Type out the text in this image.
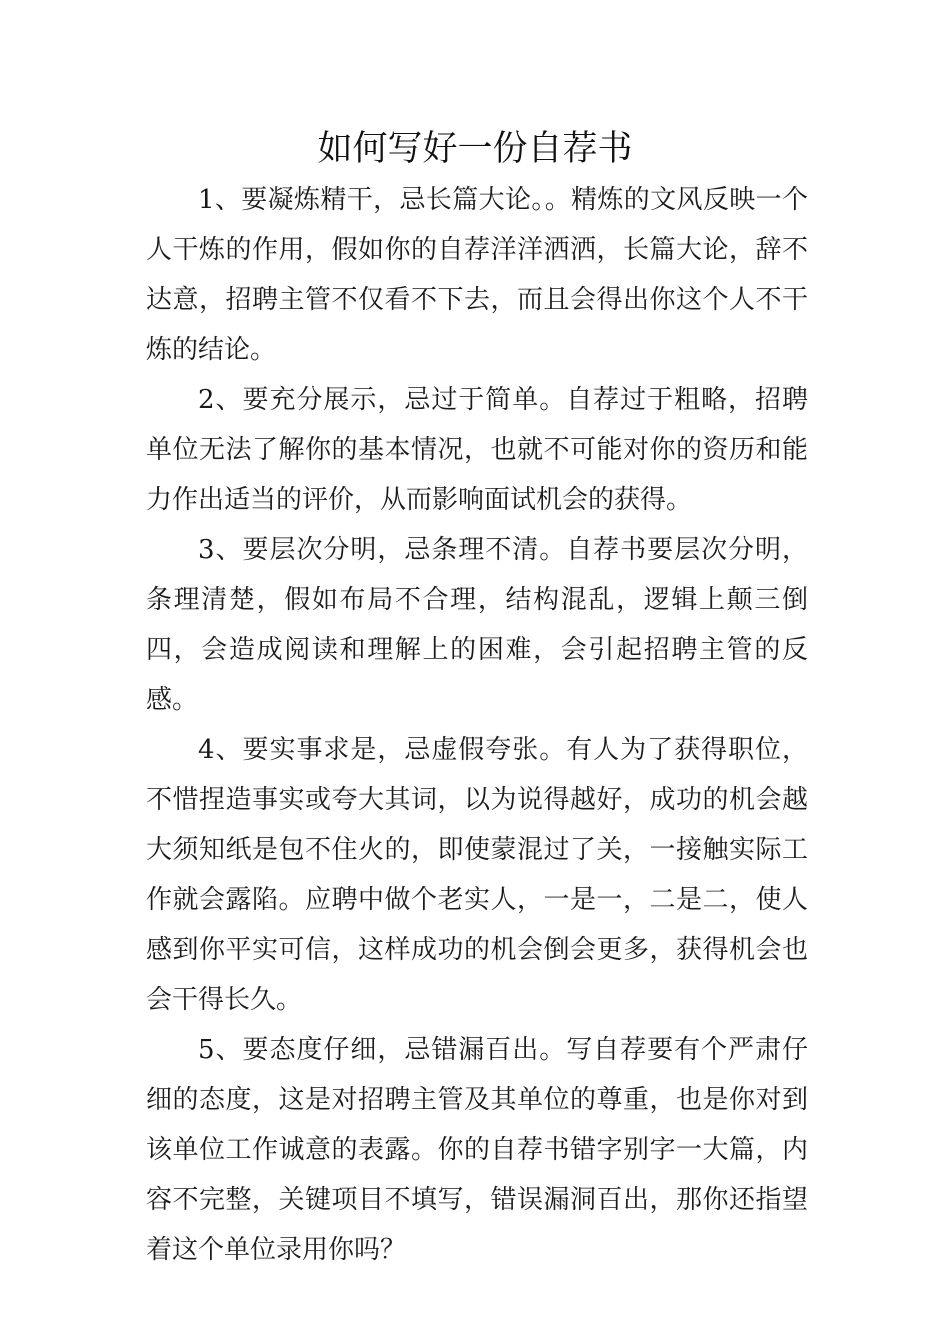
如何写好一份自荐书

1、要凝炼精干，忌长篇大论。。精炼的文风反映一个人干炼的作用，假如你的自荐洋洋洒洒，长篇大论，辞不达意，招聘主管不仅看不下去，而且会得出你这个人不干炼的结论。

2、要充分展示，忌过于简单。自荐过于粗略，招聘单位无法了解你的基本情况，也就不可能对你的资历和能力作出适当的评价，从而影响面试机会的获得。

3、要层次分明，忌条理不清。自荐书要层次分明，条理清楚，假如布局不合理，结构混乱，逻辑上颠三倒四，会造成阅读和理解上的困难，会引起招聘主管的反感。

4、要实事求是，忌虚假夸张。有人为了获得职位，不惜捏造事实或夸大其词，以为说得越好，成功的机会越大须知纸是包不住火的，即使蒙混过了关，一接触实际工作就会露陷。应聘中做个老实人，一是一，二是二，使人感到你平实可信，这样成功的机会倒会更多，获得机会也会干得长久。

5、要态度仔细，忌错漏百出。写自荐要有个严肃仔细的态度，这是对招聘主管及其单位的尊重，也是你对到该单位工作诚意的表露。你的自荐书错字别字一大篇，内容不完整，关键项目不填写，错误漏洞百出，那你还指望着这个单位录用你吗？
